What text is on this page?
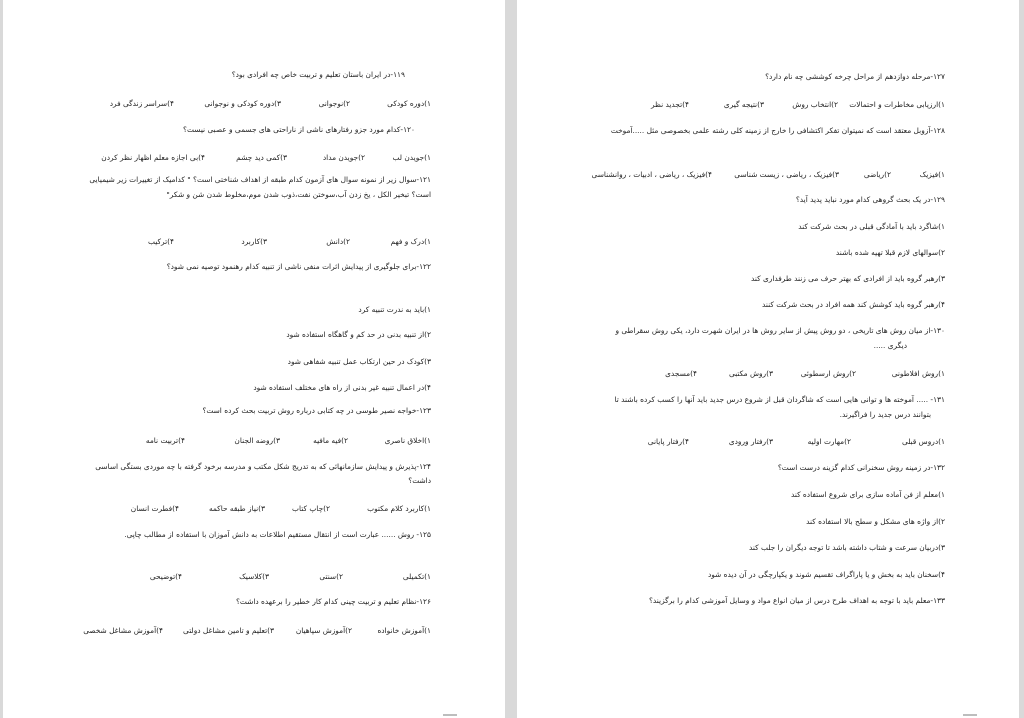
۱۱۹-در ایران باستان تعلیم و تربیت خاص چه افرادی بود؟
۱)دوره کودکی
۲)نوجوانی
۳)دوره کودکی و نوجوانی
۴)سراسر زندگی فرد
۱۲۰-کدام مورد جزو رفتارهای ناشی از ناراحتی های جسمی و عصبی نیست؟
۱)جویدن لب
۲)جویدن مداد
۳)کمی دید چشم
۴)بی اجازه معلم اظهار نظر کردن
۱۲۱-سوال زیر از نمونه سوال های آزمون کدام طبقه از اهداف شناختی است؟ " کدامیک از تغییرات زیر شیمیایی
است؟ تبخیر الکل ، یخ زدن آب،سوختن نفت،ذوب شدن موم،مخلوط شدن شن و شکر"
۱)درک و فهم
۲)دانش
۳)کاربرد
۴)ترکیب
۱۲۲-برای جلوگیری از پیدایش اثرات منفی ناشی از تنبیه کدام رهنمود توصیه نمی شود؟
۱)باید به ندرت تنبیه کرد
۲)از تنبیه بدنی در حد کم و گاهگاه استفاده شود
۳)کودک در حین ارتکاب عمل تنبیه شفاهی شود
۴)در اعمال تنبیه غیر بدنی از راه های مختلف استفاده شود
۱۲۳-خواجه نصیر طوسی در چه کتابی درباره روش تربیت بحث کرده است؟
۱)اخلاق ناصری
۲)فیه مافیه
۳)روضه الجنان
۴)تربیت نامه
۱۲۴-پذیرش و پیدایش سازمانهائی که به تدریج شکل مکتب و مدرسه برخود گرفته با چه موردی بستگی اساسی
داشت؟
۱)کاربرد کلام مکتوب
۲)چاپ کتاب
۳)نیاز طبقه حاکمه
۴)فطرت انسان
۱۲۵- روش ...... عبارت است از انتقال مستقیم اطلاعات به دانش آموزان با استفاده از مطالب چاپی.
۱)تکمیلی
۲)سنتی
۳)کلاسیک
۴)توضیحی
۱۲۶-نظام تعلیم و تربیت چینی کدام کار خطیر را برعهده داشت؟
۱)آموزش خانواده
۲)آموزش سپاهیان
۳)تعلیم و تامین مشاغل دولتی
۴)آموزش مشاغل شخصی
۱۲۷-مرحله دوازدهم از مراحل چرخه کوششی چه نام دارد؟
۱)ارزیابی مخاطرات و احتمالات
۲)انتخاب روش
۳)نتیجه گیری
۴)تجدید نظر
۱۲۸-آزوبل معتقد است که نمیتوان تفکر اکتشافی را خارج از زمینه کلی رشته علمی بخصوصی مثل .....آموخت
۱)فیزیک
۲)ریاضی
۳)فیزیک ، ریاضی ، زیست شناسی
۴)فیزیک ، ریاضی ، ادبیات ، روانشناسی
۱۲۹-در یک بحث گروهی کدام مورد نباید پدید آید؟
۱)شاگرد باید با آمادگی قبلی در بحث شرکت کند
۲)سوالهای لازم قبلا تهیه شده باشند
۳)رهبر گروه باید از افرادی که بهتر حرف می زنند طرفداری کند
۴)رهبر گروه باید کوشش کند همه افراد در بحث شرکت کنند
۱۳۰-از میان روش های تاریخی ، دو روش پیش از سایر روش ها در ایران شهرت دارد، یکی روش سقراطی و
دیگری .....
۱)روش افلاطونی
۲)روش ارسطوئی
۳)روش مکتبی
۴)مسجدی
۱۳۱- ..... آموخته ها و توانی هایی است که شاگردان قبل از شروع درس جدید باید آنها را کسب کرده باشند تا
بتوانند درس جدید را فراگیرند.
۱)دروس قبلی
۲)مهارت اولیه
۳)رفتار ورودی
۴)رفتار پایانی
۱۳۲-در زمینه روش سخنرانی کدام گزینه درست است؟
۱)معلم از فن آماده سازی برای شروع استفاده کند
۲)از واژه های مشکل و سطح بالا استفاده کند
۳)دربیان سرعت و شتاب داشته باشد تا توجه دیگران را جلب کند
۴)سخنان باید به بخش و یا پاراگراف تقسیم شوند و یکپارچگی در آن دیده شود
۱۳۳-معلم باید با توجه به اهداف طرح درس از میان انواع مواد و وسایل آموزشی کدام را برگزیند؟
